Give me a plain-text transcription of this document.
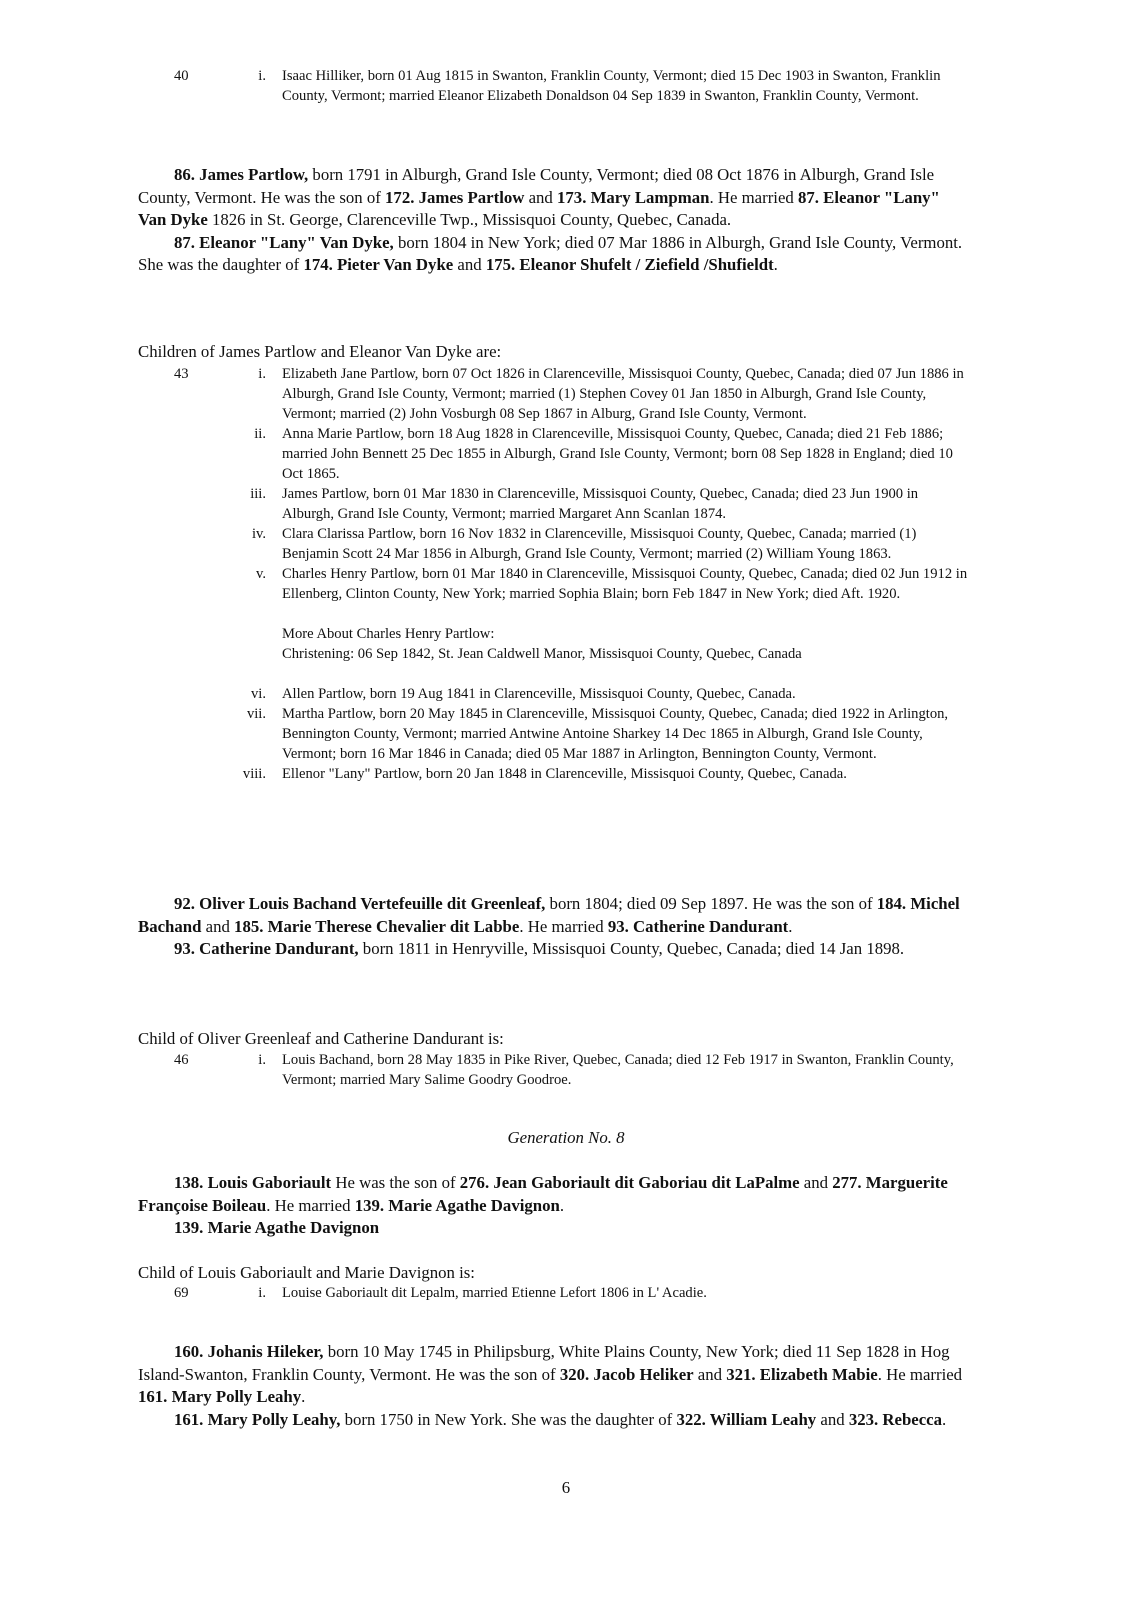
40	i. Isaac Hilliker, born 01 Aug 1815 in Swanton, Franklin County, Vermont; died 15 Dec 1903 in Swanton, Franklin County, Vermont; married Eleanor Elizabeth Donaldson 04 Sep 1839 in Swanton, Franklin County, Vermont.

86. James Partlow, born 1791 in Alburgh, Grand Isle County, Vermont; died 08 Oct 1876 in Alburgh, Grand Isle County, Vermont. He was the son of 172. James Partlow and 173. Mary Lampman. He married 87. Eleanor "Lany" Van Dyke 1826 in St. George, Clarenceville Twp., Missisquoi County, Quebec, Canada.

87. Eleanor "Lany" Van Dyke, born 1804 in New York; died 07 Mar 1886 in Alburgh, Grand Isle County, Vermont. She was the daughter of 174. Pieter Van Dyke and 175. Eleanor Shufelt / Ziefield /Shufieldt.

Children of James Partlow and Eleanor Van Dyke are:

43	i. Elizabeth Jane Partlow, born 07 Oct 1826 in Clarenceville, Missisquoi County, Quebec, Canada; died 07 Jun 1886 in Alburgh, Grand Isle County, Vermont; married (1) Stephen Covey 01 Jan 1850 in Alburgh, Grand Isle County, Vermont; married (2) John Vosburgh 08 Sep 1867 in Alburg, Grand Isle County, Vermont.
ii. Anna Marie Partlow, born 18 Aug 1828 in Clarenceville, Missisquoi County, Quebec, Canada; died 21 Feb 1886; married John Bennett 25 Dec 1855 in Alburgh, Grand Isle County, Vermont; born 08 Sep 1828 in England; died 10 Oct 1865.
iii. James Partlow, born 01 Mar 1830 in Clarenceville, Missisquoi County, Quebec, Canada; died 23 Jun 1900 in Alburgh, Grand Isle County, Vermont; married Margaret Ann Scanlan 1874.
iv. Clara Clarissa Partlow, born 16 Nov 1832 in Clarenceville, Missisquoi County, Quebec, Canada; married (1) Benjamin Scott 24 Mar 1856 in Alburgh, Grand Isle County, Vermont; married (2) William Young 1863.
v. Charles Henry Partlow, born 01 Mar 1840 in Clarenceville, Missisquoi County, Quebec, Canada; died 02 Jun 1912 in Ellenberg, Clinton County, New York; married Sophia Blain; born Feb 1847 in New York; died Aft. 1920.
More About Charles Henry Partlow:
Christening: 06 Sep 1842, St. Jean Caldwell Manor, Missisquoi County, Quebec, Canada
vi. Allen Partlow, born 19 Aug 1841 in Clarenceville, Missisquoi County, Quebec, Canada.
vii. Martha Partlow, born 20 May 1845 in Clarenceville, Missisquoi County, Quebec, Canada; died 1922 in Arlington, Bennington County, Vermont; married Antwine Antoine Sharkey 14 Dec 1865 in Alburgh, Grand Isle County, Vermont; born 16 Mar 1846 in Canada; died 05 Mar 1887 in Arlington, Bennington County, Vermont.
viii. Ellenor "Lany" Partlow, born 20 Jan 1848 in Clarenceville, Missisquoi County, Quebec, Canada.

92. Oliver Louis Bachand Vertefeuille dit Greenleaf, born 1804; died 09 Sep 1897. He was the son of 184. Michel Bachand and 185. Marie Therese Chevalier dit Labbe. He married 93. Catherine Dandurant.

93. Catherine Dandurant, born 1811 in Henryville, Missisquoi County, Quebec, Canada; died 14 Jan 1898.

Child of Oliver Greenleaf and Catherine Dandurant is:

46	i. Louis Bachand, born 28 May 1835 in Pike River, Quebec, Canada; died 12 Feb 1917 in Swanton, Franklin County, Vermont; married Mary Salime Goodry Goodroe.
Generation No. 8

138. Louis Gaboriault He was the son of 276. Jean Gaboriault dit Gaboriau dit LaPalme and 277. Marguerite Françoise Boileau. He married 139. Marie Agathe Davignon.

139. Marie Agathe Davignon

Child of Louis Gaboriault and Marie Davignon is:

69	i. Louise Gaboriault dit Lepalm, married Etienne Lefort 1806 in L' Acadie.

160. Johanis Hileker, born 10 May 1745 in Philipsburg, White Plains County, New York; died 11 Sep 1828 in Hog Island-Swanton, Franklin County, Vermont. He was the son of 320. Jacob Heliker and 321. Elizabeth Mabie. He married 161. Mary Polly Leahy.

161. Mary Polly Leahy, born 1750 in New York. She was the daughter of 322. William Leahy and 323. Rebecca.

6
